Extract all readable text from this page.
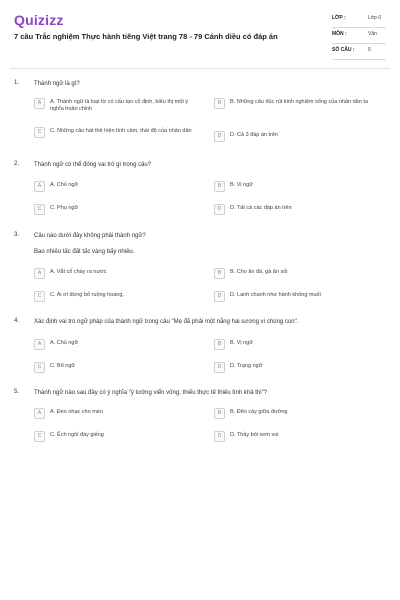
Quizizz
7 câu Trắc nghiệm Thực hành tiếng Việt trang 78 - 79 Cánh diều có đáp án
LỚP :	Lớp 6
MÔN :	Văn
SỐ CÂU :	5
1. Thành ngữ là gì?
A	A. Thành ngữ là loại từ có cấu tạo cố định, biểu thị một ý nghĩa hoàn chỉnh
B	B. Những câu đúc rút kinh nghiệm sống của nhân dân ta
C	C. Những câu hát thể hiện tình cảm, thái độ của nhân dân
D	D. Cả 3 đáp án trên
2. Thành ngữ có thể đóng vai trò gì trong câu?
A	A. Chủ ngữ	B	B. Vị ngữ
C	C. Phụ ngữ	D	D. Tất cả các đáp án trên
3. Câu nào dưới đây không phải thành ngữ?
Bao nhiêu tấc đất tấc vàng bấy nhiêu.
A	A. Vắt cổ chày ra nước	B	B. Cho ăn đá, gà ăn sỏi
C	C. Ai ơi đừng bỏ ruộng hoang,	D	D. Lanh chanh như hành không muối
4. Xác định vai trò ngữ pháp của thành ngữ trong câu "Mẹ đã phải một nắng hai sương vì chúng con".
A	A. Chủ ngữ	B	B. Vị ngữ
C	C. Bổ ngữ	D	D. Trạng ngữ
5. Thành ngữ nào sau đây có ý nghĩa "ý tưởng viển vông, thiếu thực tế thiếu tính khả thi"?
A	A. Đeo nhạc cho mèo	B	B. Đẽo cày giữa đường
C	C. Ếch ngồi đáy giếng	D	D. Thầy bói xem voi
